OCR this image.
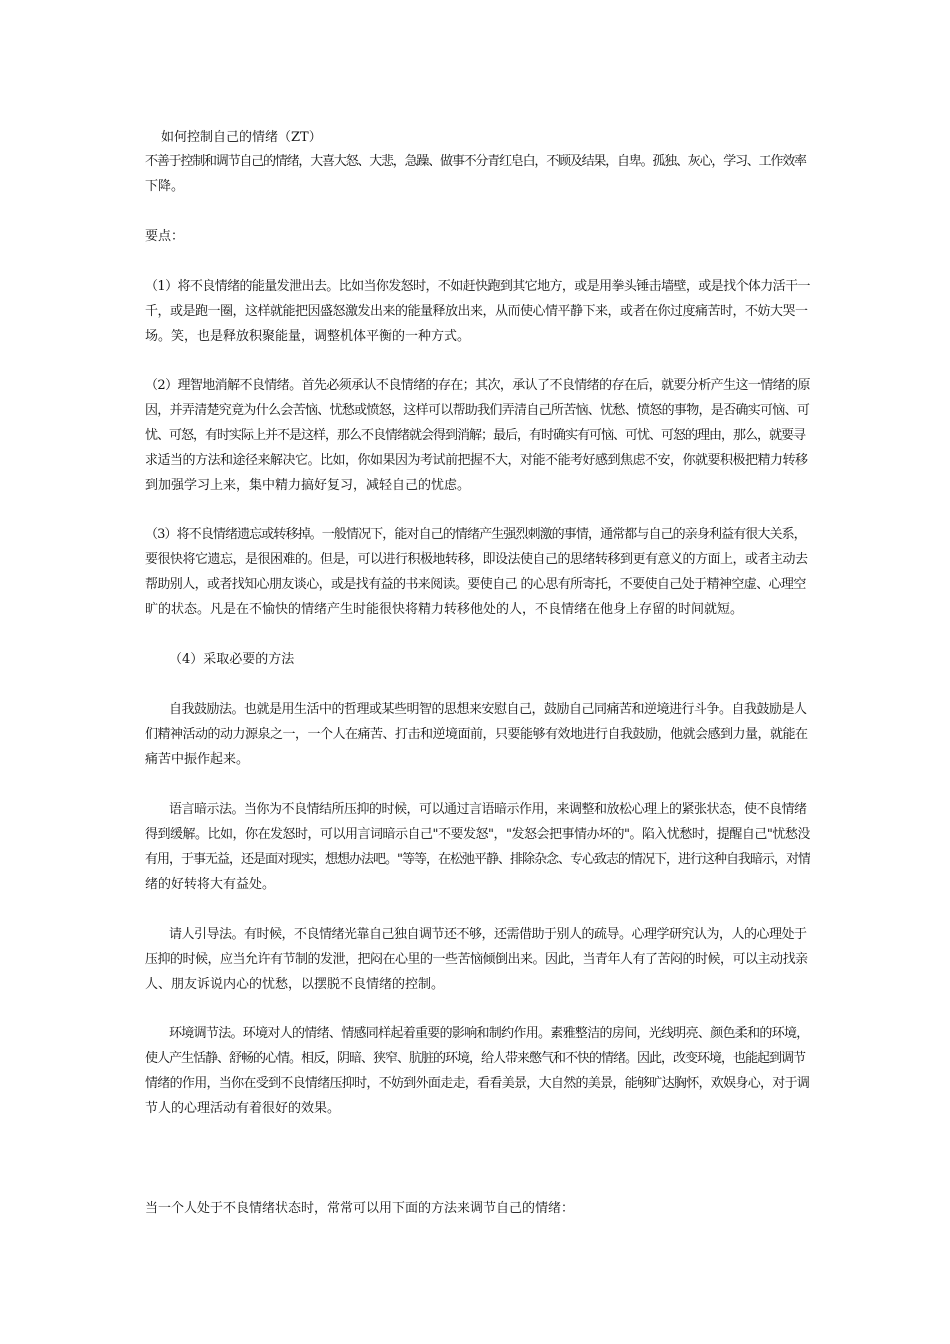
如何控制自己的情绪（ZT）
不善于控制和调节自己的情绪，大喜大怒、大悲，急躁、做事不分青红皂白，不顾及结果，自卑。孤独、灰心，学习、工作效率
下降。
要点：
（1）将不良情绪的能量发泄出去。比如当你发怒时，不如赶快跑到其它地方，或是用拳头锤击墙壁，或是找个体力活干一
千，或是跑一圈，这样就能把因盛怒激发出来的能量释放出来，从而使心情平静下来，或者在你过度痛苦时，不妨大哭一
场。笑，也是释放积聚能量，调整机体平衡的一种方式。
（2）理智地消解不良情绪。首先必须承认不良情绪的存在；其次，承认了不良情绪的存在后，就要分析产生这一情绪的原
因，并弄清楚究竟为什么会苦恼、忧愁或愤怒，这样可以帮助我们弄清自己所苦恼、忧愁、愤怒的事物，是否确实可恼、可
忧、可怒，有时实际上并不是这样，那么不良情绪就会得到消解；最后，有时确实有可恼、可忧、可怒的理由，那么，就要寻
求适当的方法和途径来解决它。比如，你如果因为考试前把握不大，对能不能考好感到焦虑不安，你就要积极把精力转移
到加强学习上来，集中精力搞好复习，减轻自己的忧虑。
（3）将不良情绪遗忘或转移掉。一般情况下，能对自己的情绪产生强烈刺激的事情，通常都与自己的亲身利益有很大关系，
要很快将它遗忘，是很困难的。但是，可以进行积极地转移，即设法使自己的思绪转移到更有意义的方面上，或者主动去
帮助别人，或者找知心朋友谈心，或是找有益的书来阅读。要使自己 的心思有所寄托，不要使自己处于精神空虚、心理空
旷的状态。凡是在不愉快的情绪产生时能很快将精力转移他处的人，不良情绪在他身上存留的时间就短。
（4）采取必要的方法
自我鼓励法。也就是用生活中的哲理或某些明智的思想来安慰自己，鼓励自己同痛苦和逆境进行斗争。自我鼓励是人
们精神活动的动力源泉之一，一个人在痛苦、打击和逆境面前，只要能够有效地进行自我鼓励，他就会感到力量，就能在
痛苦中振作起来。
语言暗示法。当你为不良情结所压抑的时候，可以通过言语暗示作用，来调整和放松心理上的紧张状态，使不良情绪
得到缓解。比如，你在发怒时，可以用言词暗示自己"不要发怒"，"发怒会把事情办坏的"。陷入忧愁时，提醒自己"忧愁没
有用，于事无益，还是面对现实，想想办法吧。"等等，在松弛平静、排除杂念、专心致志的情况下，进行这种自我暗示，对情
绪的好转将大有益处。
请人引导法。有时候，不良情绪光靠自己独自调节还不够，还需借助于别人的疏导。心理学研究认为，人的心理处于
压抑的时候，应当允许有节制的发泄，把闷在心里的一些苦恼倾倒出来。因此，当青年人有了苦闷的时候，可以主动找亲
人、朋友诉说内心的忧愁，以摆脱不良情绪的控制。
环境调节法。环境对人的情绪、情感同样起着重要的影响和制约作用。素雅整洁的房间，光线明亮、颜色柔和的环境，
使人产生恬静、舒畅的心情。相反，阴暗、狭窄、肮脏的环境，给人带来憋气和不快的情绪。因此，改变环境，也能起到调节
情绪的作用，当你在受到不良情绪压抑时，不妨到外面走走，看看美景，大自然的美景，能够旷达胸怀，欢娱身心，对于调
节人的心理活动有着很好的效果。
当一个人处于不良情绪状态时，常常可以用下面的方法来调节自己的情绪：
